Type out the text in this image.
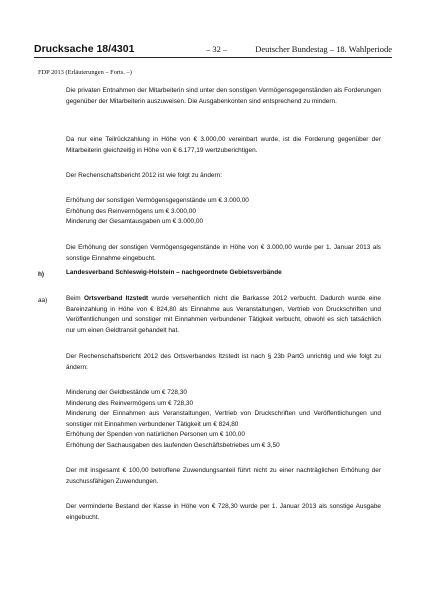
Drucksache 18/4301	– 32 –	Deutscher Bundestag – 18. Wahlperiode
FDP 2013 (Erläuterungen – Forts. –)

Die privaten Entnahmen der Mitarbeiterin sind unter den sonstigen Vermögensgegenständen als Forderungen gegenüber der Mitarbeiterin auszuweisen. Die Ausgabenkonten sind entsprechend zu mindern.

Da nur eine Teilrückzahlung in Höhe von € 3.000,00 vereinbart wurde, ist die Forderung gegenüber der Mitarbeiterin gleichzeitig in Höhe von € 6.177,19 wertzuberichtigen.

Der Rechenschaftsbericht 2012 ist wie folgt zu ändern:

Erhöhung der sonstigen Vermögensgegenstände um € 3.000,00
Erhöhung des Reinvermögens um € 3.000,00
Minderung der Gesamtausgaben um € 3.000,00

Die Erhöhung der sonstigen Vermögensgegenstände in Höhe von € 3.000,00 wurde per 1. Januar 2013 als sonstige Einnahme eingebucht.

h)	Landesverband Schleswig-Holstein – nachgeordnete Gebietsverbände

aa)	Beim Ortsverband Itzstedt wurde versehentlich nicht die Barkasse 2012 verbucht. Dadurch wurde eine Bareinzahlung in Höhe von € 824,80 als Einnahme aus Veranstaltungen, Vertrieb von Druckschriften und Veröffentlichungen und sonstiger mit Einnahmen verbundener Tätigkeit verbucht, obwohl es sich tatsächlich nur um einen Geldtransit gehandelt hat.

Der Rechenschaftsbericht 2012 des Ortsverbandes Itzstedt ist nach § 23b PartG unrichtig und wie folgt zu ändern:

Minderung der Geldbestände um € 728,30
Minderung des Reinvermögens um € 728,30
Minderung der Einnahmen aus Veranstaltungen, Vertrieb von Druckschriften und Veröffentlichungen und sonstiger mit Einnahmen verbundener Tätigkeit um € 824,80
Erhöhung der Spenden von natürlichen Personen um € 100,00
Erhöhung der Sachausgaben des laufenden Geschäftsbetriebes um € 3,50

Der mit insgesamt € 100,00 betroffene Zuwendungsanteil führt nicht zu einer nachträglichen Erhöhung der zuschussfähigen Zuwendungen.

Der verminderte Bestand der Kasse in Höhe von € 728,30 wurde per 1. Januar 2013 als sonstige Ausgabe eingebucht.
